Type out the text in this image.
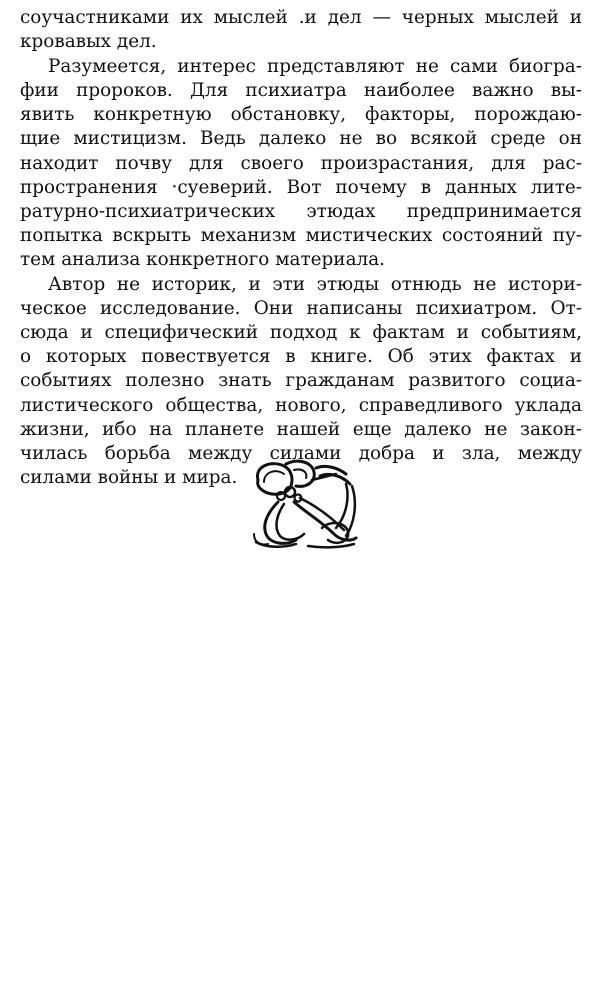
соучастниками их мыслей .и дел — черных мыслей и
кровавых дел.
Разумеется, интерес представляют не сами биогра-
фии пророков. Для психиатра наиболее важно вы-
явить конкретную обстановку, факторы, порождаю-
щие мистицизм. Ведь далеко не во всякой среде он
находит почву для своего произрастания, для рас-
пространения ·суеверий. Вот почему в данных лите-
ратурно-психиатрических этюдах предпринимается
попытка вскрыть механизм мистических состояний пу-
тем анализа конкретного материала.
Автор не историк, и эти этюды отнюдь не истори-
ческое исследование. Они написаны психиатром. От-
сюда и специфический подход к фактам и событиям,
о которых повествуется в книге. Об этих фактах и
событиях полезно знать гражданам развитого социа-
листического общества, нового, справедливого уклада
жизни, ибо на планете нашей еще далеко не закон-
чилась борьба между силами добра и зла, между
силами войны и мира.
